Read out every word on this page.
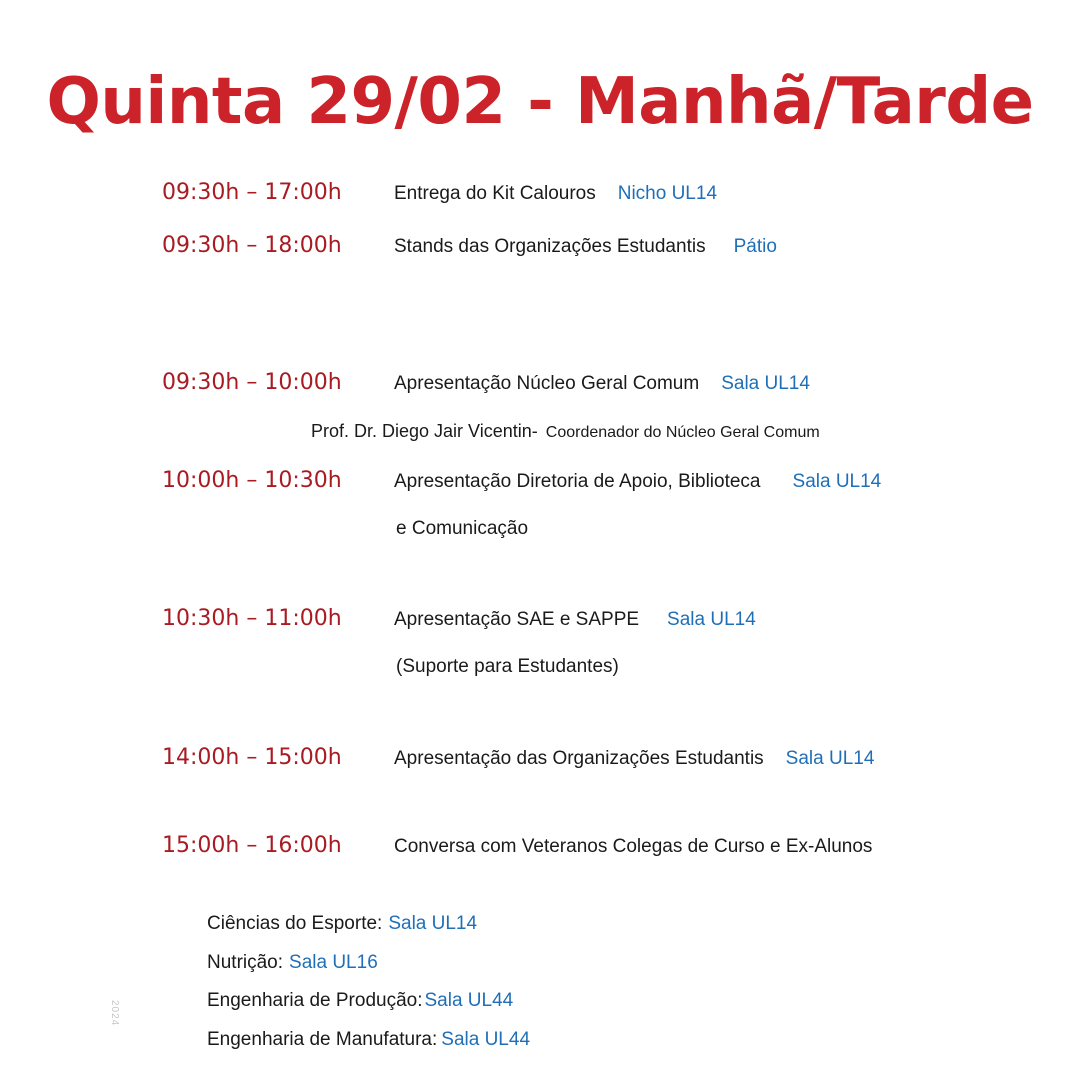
Quinta 29/02 - Manhã/Tarde
09:30h – 17:00h	Entrega do Kit Calouros Nicho UL14
09:30h – 18:00h	Stands das Organizações Estudantis Pátio
09:30h – 10:00h	Apresentação Núcleo Geral Comum Sala UL14
Prof. Dr. Diego Jair Vicentin- Coordenador do Núcleo Geral Comum
10:00h – 10:30h	Apresentação Diretoria de Apoio, Biblioteca Sala UL14
e Comunicação
10:30h – 11:00h	Apresentação SAE e SAPPE Sala UL14
(Suporte para Estudantes)
14:00h – 15:00h	Apresentação das Organizações Estudantis Sala UL14
15:00h – 16:00h	Conversa com Veteranos Colegas de Curso e Ex-Alunos
Ciências do Esporte: Sala UL14
Nutrição: Sala UL16
Engenharia de Produção: Sala UL44
Engenharia de Manufatura: Sala UL44
2024
